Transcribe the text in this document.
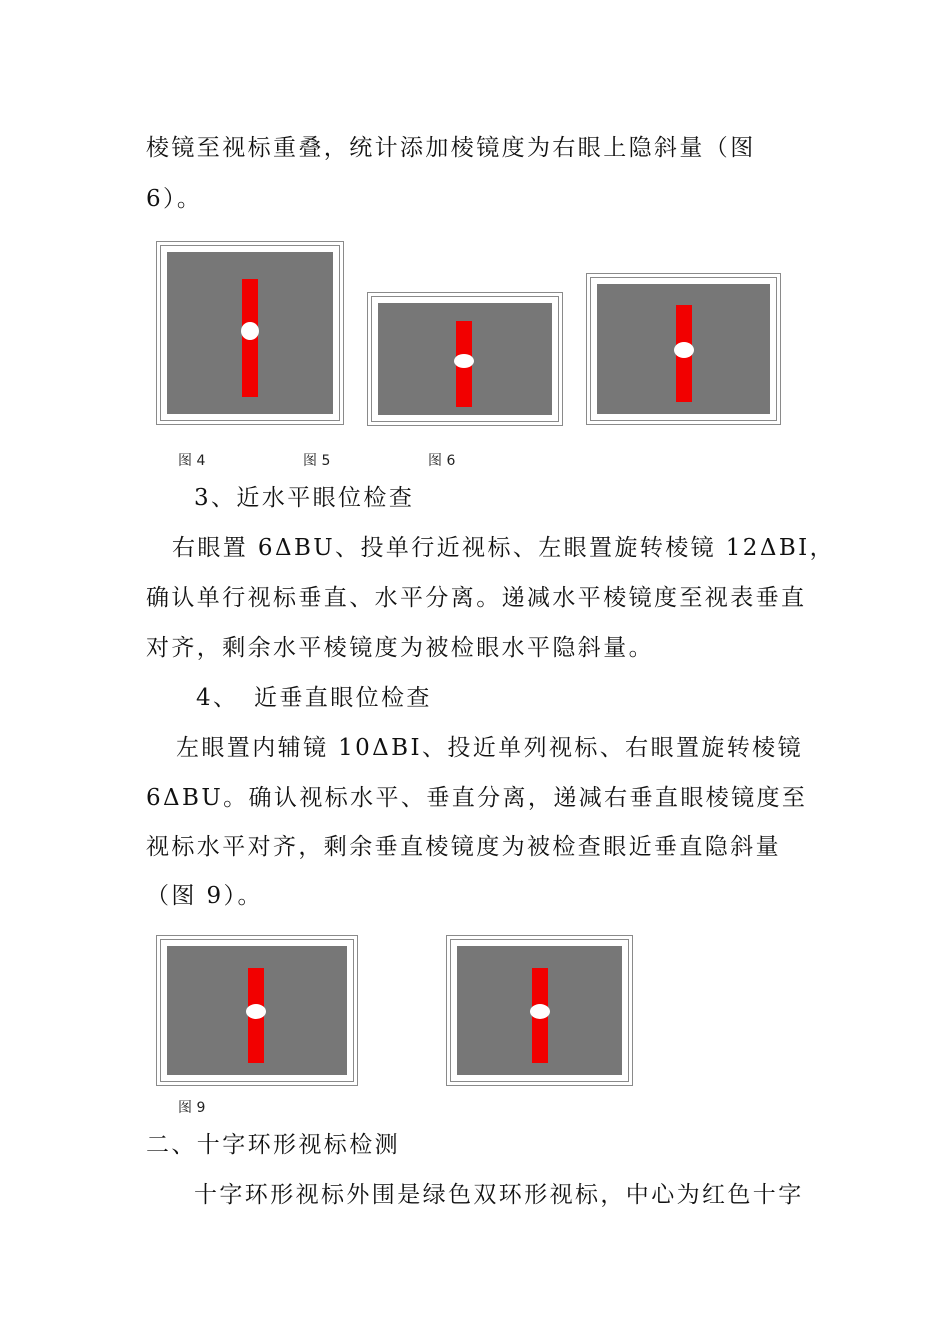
棱镜至视标重叠，统计添加棱镜度为右眼上隐斜量（图
6）。
图 4	图 5	图 6
3、近水平眼位检查
右眼置 6ΔBU、投单行近视标、左眼置旋转棱镜 12ΔBI，
确认单行视标垂直、水平分离。递减水平棱镜度至视表垂直
对齐，剩余水平棱镜度为被检眼水平隐斜量。
4、 近垂直眼位检查
左眼置内辅镜 10ΔBI、投近单列视标、右眼置旋转棱镜
6ΔBU。确认视标水平、垂直分离，递减右垂直眼棱镜度至
视标水平对齐，剩余垂直棱镜度为被检查眼近垂直隐斜量
（图 9）。
图 9
二、十字环形视标检测
十字环形视标外围是绿色双环形视标，中心为红色十字
